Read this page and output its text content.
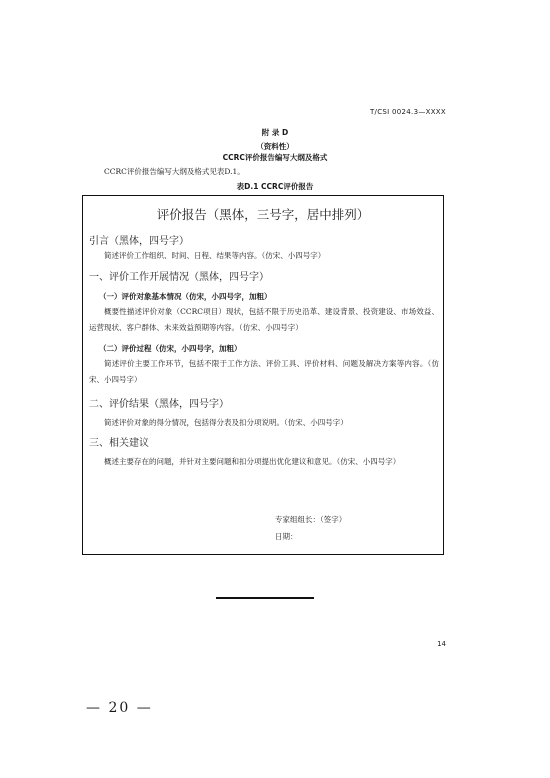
T/CSI 0024.3—XXXX
附 录 D
（资料性）
CCRC评价报告编写大纲及格式
CCRC评价报告编写大纲及格式见表D.1。
表D.1 CCRC评价报告
评价报告（黑体，三号字，居中排列）
引言（黑体，四号字）
简述评价工作组织、时间、日程、结果等内容。（仿宋、小四号字）
一、评价工作开展情况（黑体，四号字）
（一）评价对象基本情况（仿宋，小四号字，加粗）
概要性描述评价对象（CCRC项目）现状，包括不限于历史沿革、建设背景、投资建设、市场效益、运营现状、客户群体、未来效益预期等内容。（仿宋、小四号字）
（二）评价过程（仿宋，小四号字，加粗）
简述评价主要工作环节，包括不限于工作方法、评价工具、评价材料、问题及解决方案等内容。（仿宋、小四号字）
二、评价结果（黑体，四号字）
简述评价对象的得分情况，包括得分表及扣分项说明。（仿宋、小四号字）
三、相关建议
概述主要存在的问题，并针对主要问题和扣分项提出优化建议和意见。（仿宋、小四号字）
专家组组长：（签字）
日期：
14
— 20 —
